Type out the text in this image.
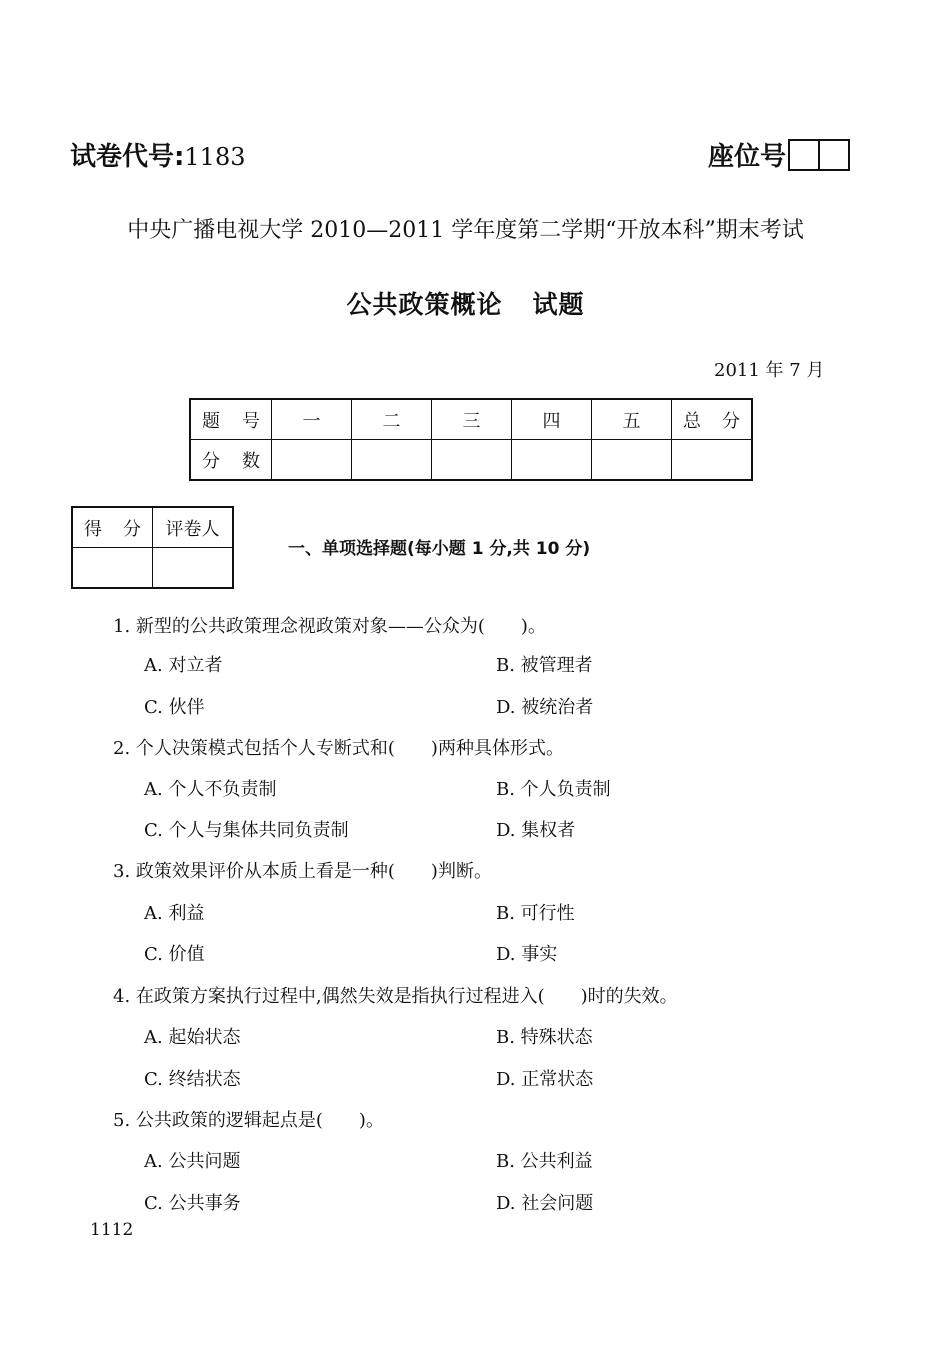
试卷代号:1183	座位号
中央广播电视大学 2010—2011 学年度第二学期“开放本科”期末考试
公共政策概论 试题
2011 年 7 月
题 号	一	二	三	四	五	总 分

分 数						

得 分	评卷人

一、单项选择题(每小题 1 分,共 10 分)
1. 新型的公共政策理念视政策对象——公众为(　　)。
A. 对立者	B. 被管理者
C. 伙伴	D. 被统治者
2. 个人决策模式包括个人专断式和(　　)两种具体形式。
A. 个人不负责制	B. 个人负责制
C. 个人与集体共同负责制	D. 集权者
3. 政策效果评价从本质上看是一种(　　)判断。
A. 利益	B. 可行性
C. 价值	D. 事实
4. 在政策方案执行过程中,偶然失效是指执行过程进入(　　)时的失效。
A. 起始状态	B. 特殊状态
C. 终结状态	D. 正常状态
5. 公共政策的逻辑起点是(　　)。
A. 公共问题	B. 公共利益
C. 公共事务	D. 社会问题
1112
